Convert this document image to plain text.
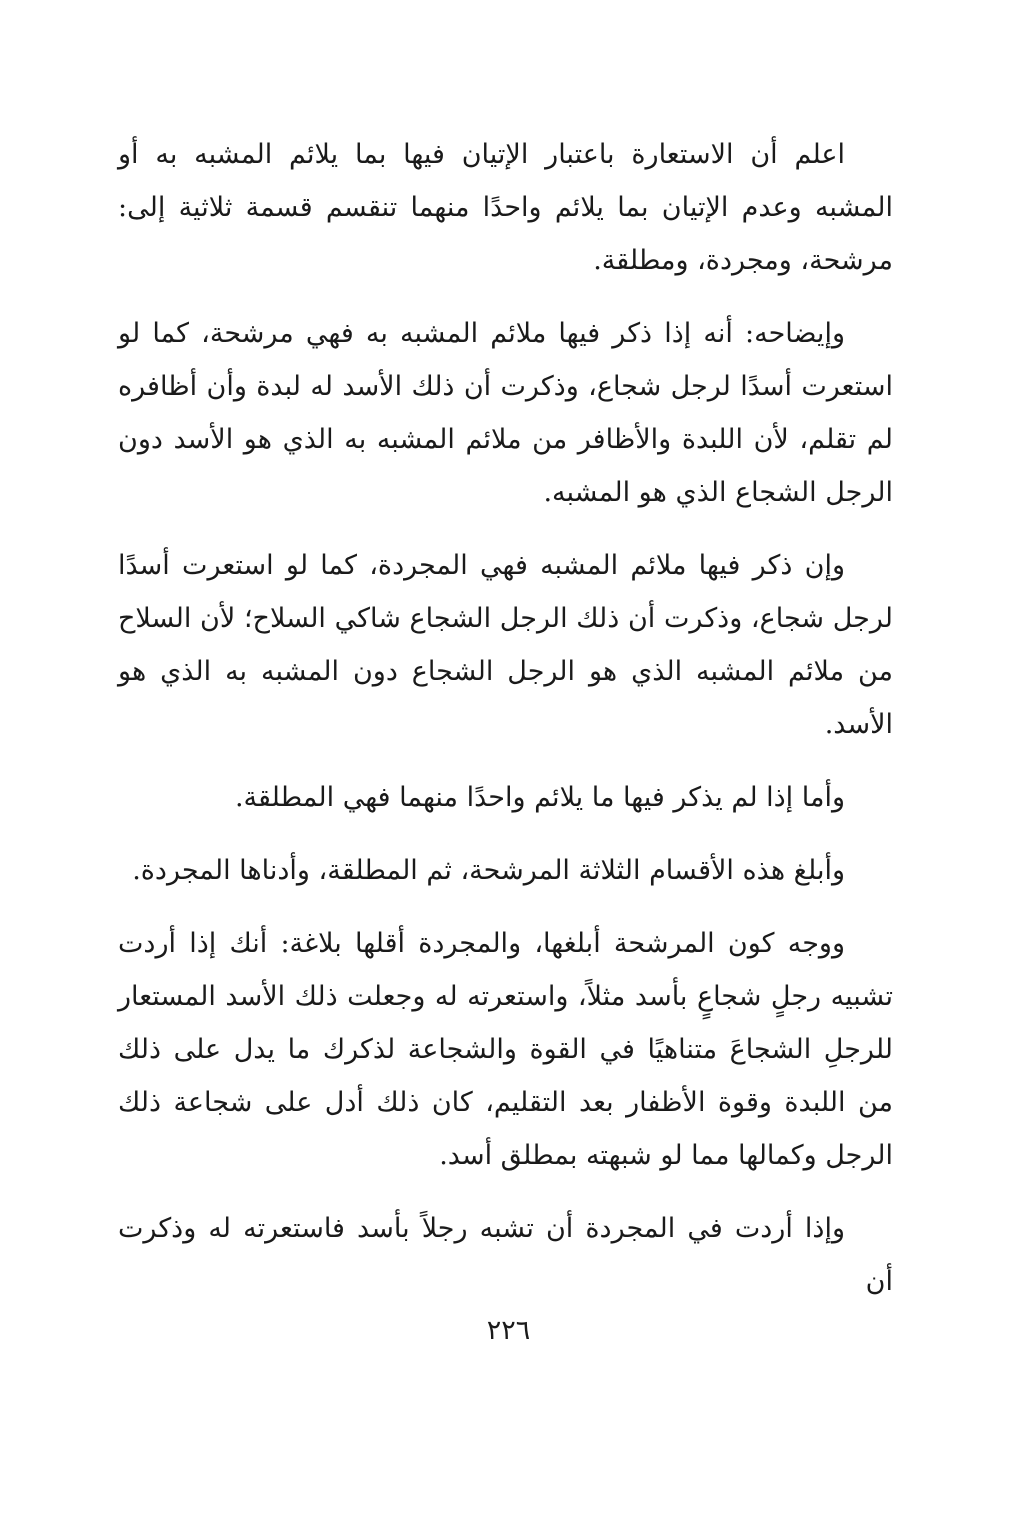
اعلم أن الاستعارة باعتبار الإتيان فيها بما يلائم المشبه به أو المشبه وعدم الإتيان بما يلائم واحدًا منهما تنقسم قسمة ثلاثية إلى: مرشحة، ومجردة، ومطلقة.

وإيضاحه: أنه إذا ذكر فيها ملائم المشبه به فهي مرشحة، كما لو استعرت أسدًا لرجل شجاع، وذكرت أن ذلك الأسد له لبدة وأن أظافره لم تقلم، لأن اللبدة والأظافر من ملائم المشبه به الذي هو الأسد دون الرجل الشجاع الذي هو المشبه.

وإن ذكر فيها ملائم المشبه فهي المجردة، كما لو استعرت أسدًا لرجل شجاع، وذكرت أن ذلك الرجل الشجاع شاكي السلاح؛ لأن السلاح من ملائم المشبه الذي هو الرجل الشجاع دون المشبه به الذي هو الأسد.

وأما إذا لم يذكر فيها ما يلائم واحدًا منهما فهي المطلقة.

وأبلغ هذه الأقسام الثلاثة المرشحة، ثم المطلقة، وأدناها المجردة.

ووجه كون المرشحة أبلغها، والمجردة أقلها بلاغة: أنك إذا أردت تشبيه رجلٍ شجاعٍ بأسد مثلاً، واستعرته له وجعلت ذلك الأسد المستعار للرجلِ الشجاعَ متناهيًا في القوة والشجاعة لذكرك ما يدل على ذلك من اللبدة وقوة الأظفار بعد التقليم، كان ذلك أدل على شجاعة ذلك الرجل وكمالها مما لو شبهته بمطلق أسد.

وإذا أردت في المجردة أن تشبه رجلاً بأسد فاستعرته له وذكرت أن

٢٢٦
